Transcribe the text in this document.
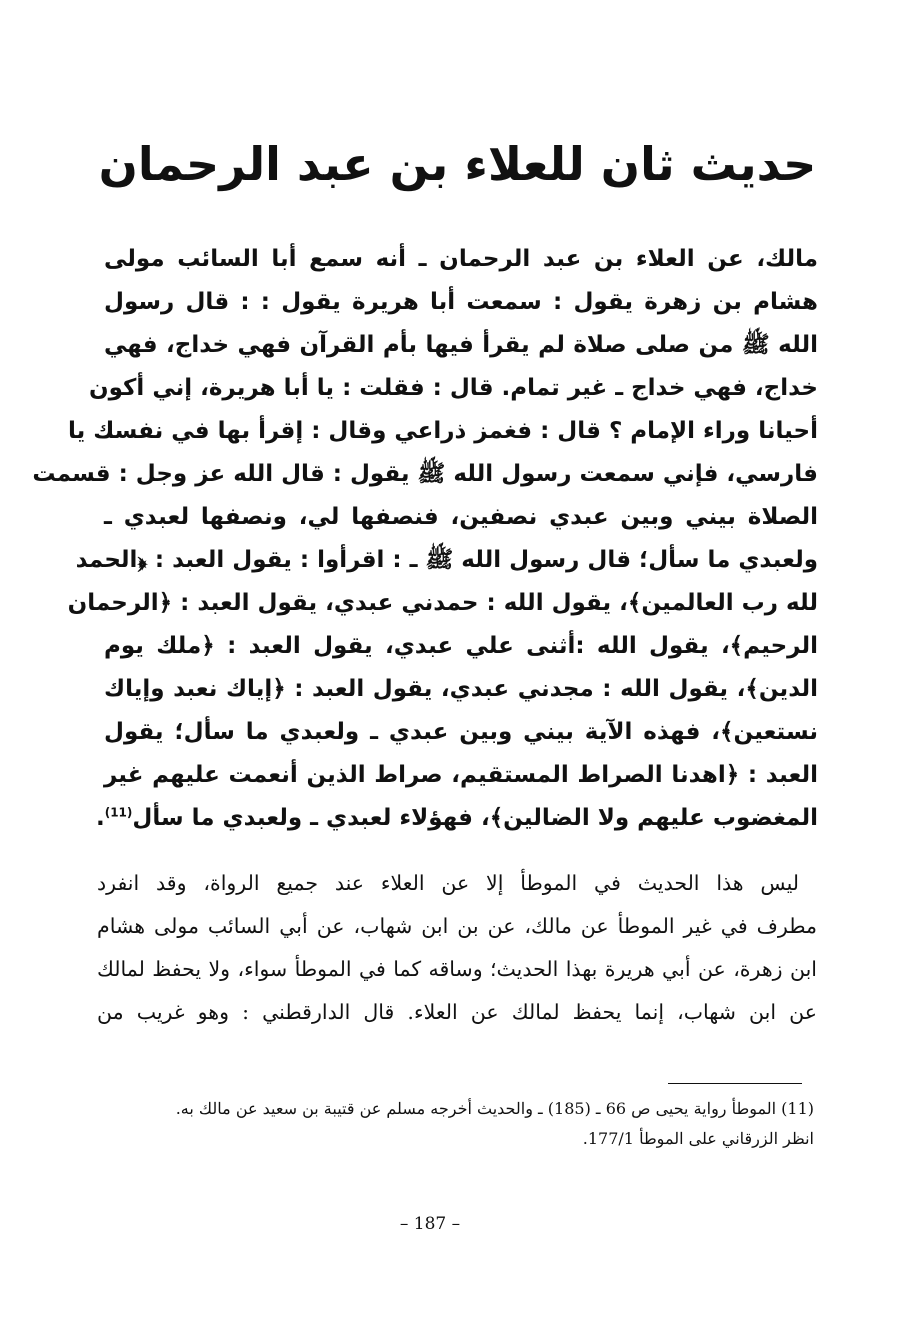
حديث ثان للعلاء بن عبد الرحمان
مالك، عن العلاء بن عبد الرحمان ـ أنه سمع أبا السائب مولى
هشام بن زهرة يقول : سمعت أبا هريرة يقول : : قال رسول
الله ﷺ من صلى صلاة لم يقرأ فيها بأم القرآن فهي خداج، فهي
خداج، فهي خداج ـ غير تمام. قال : فقلت : يا أبا هريرة، إني أكون
أحيانا وراء الإمام ؟ قال : فغمز ذراعي وقال : إقرأ بها في نفسك يا
فارسي، فإني سمعت رسول الله ﷺ يقول : قال الله عز وجل : قسمت
الصلاة بيني وبين عبدي نصفين، فنصفها لي، ونصفها لعبدي ـ
ولعبدي ما سأل؛ قال رسول الله ﷺ ـ : اقرأوا : يقول العبد : ﴿الحمد
لله رب العالمين﴾، يقول الله : حمدني عبدي، يقول العبد : ﴿الرحمان
الرحيم﴾، يقول الله :أثنى علي عبدي، يقول العبد : ﴿ملك يوم
الدين﴾، يقول الله : مجدني عبدي، يقول العبد : ﴿إياك نعبد وإياك
نستعين﴾، فهذه الآية بيني وبين عبدي ـ ولعبدي ما سأل؛ يقول
العبد : ﴿اهدنا الصراط المستقيم، صراط الذين أنعمت عليهم غير
المغضوب عليهم ولا الضالين﴾، فهؤلاء لعبدي ـ ولعبدي ما سأل$^{(11)}$.
ليس هذا الحديث في الموطأ إلا عن العلاء عند جميع الرواة، وقد انفرد
مطرف في غير الموطأ عن مالك، عن بن ابن شهاب، عن أبي السائب مولى هشام
ابن زهرة، عن أبي هريرة بهذا الحديث؛ وساقه كما في الموطأ سواء، ولا يحفظ لمالك
عن ابن شهاب، إنما يحفظ لمالك عن العلاء. قال الدارقطني : وهو غريب من
(11) الموطأ رواية يحيى ص 66 ـ (185) ـ والحديث أخرجه مسلم عن قتيبة بن سعيد عن مالك به.
انظر الزرقاني على الموطأ 177/1.
– 187 –
